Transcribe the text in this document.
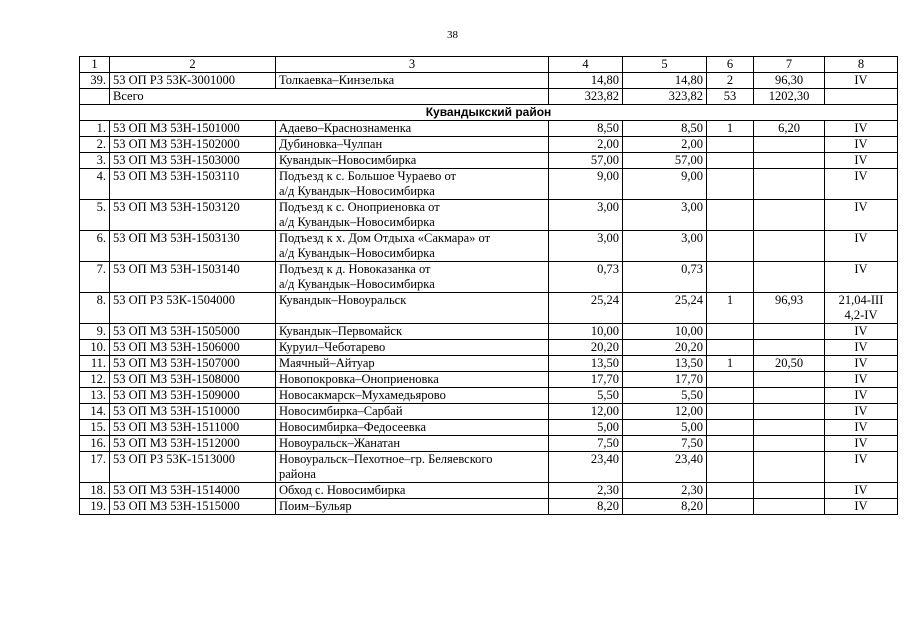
38
1	2	3	4	5	6	7	8
39.	53 ОП РЗ 53К-3001000	Толкаевка–Кинзелька	14,80	14,80	2	96,30	IV

	Всего		323,82	323,82	53	1202,30	
Кувандыкский район							
1.	53 ОП МЗ 53Н-1501000	Адаево–Краснознаменка	8,50	8,50	1	6,20	IV

2.	53 ОП МЗ 53Н-1502000	Дубиновка–Чулпан	2,00	2,00			IV

3.	53 ОП МЗ 53Н-1503000	Кувандык–Новосимбирка	57,00	57,00			IV

4.	53 ОП МЗ 53Н-1503110	Подъезд к с. Большое Чураево от
а/д Кувандык–Новосимбирка	9,00	9,00			IV

5.	53 ОП МЗ 53Н-1503120	Подъезд к с. Оноприеновка от
а/д Кувандык–Новосимбирка	3,00	3,00			IV

6.	53 ОП МЗ 53Н-1503130	Подъезд к х. Дом Отдыха «Сакмара» от
а/д Кувандык–Новосимбирка	3,00	3,00			IV

7.	53 ОП МЗ 53Н-1503140	Подъезд к д. Новоказанка от
а/д Кувандык–Новосимбирка	0,73	0,73			IV

8.	53 ОП РЗ 53К-1504000	Кувандык–Новоуральск	25,24	25,24	1	96,93	21,04-III
4,2-IV

9.	53 ОП МЗ 53Н-1505000	Кувандык–Первомайск	10,00	10,00			IV

10.	53 ОП МЗ 53Н-1506000	Куруил–Чеботарево	20,20	20,20			IV

11.	53 ОП МЗ 53Н-1507000	Маячный–Айтуар	13,50	13,50	1	20,50	IV

12.	53 ОП МЗ 53Н-1508000	Новопокровка–Оноприеновка	17,70	17,70			IV

13.	53 ОП МЗ 53Н-1509000	Новосакмарск–Мухамедьярово	5,50	5,50			IV

14.	53 ОП МЗ 53Н-1510000	Новосимбирка–Сарбай	12,00	12,00			IV

15.	53 ОП МЗ 53Н-1511000	Новосимбирка–Федосеевка	5,00	5,00			IV

16.	53 ОП МЗ 53Н-1512000	Новоуральск–Жанатан	7,50	7,50			IV

17.	53 ОП РЗ 53К-1513000	Новоуральск–Пехотное–гр. Беляевского
района	23,40	23,40			IV

18.	53 ОП МЗ 53Н-1514000	Обход с. Новосимбирка	2,30	2,30			IV

19.	53 ОП МЗ 53Н-1515000	Поим–Бульяр	8,20	8,20			IV
